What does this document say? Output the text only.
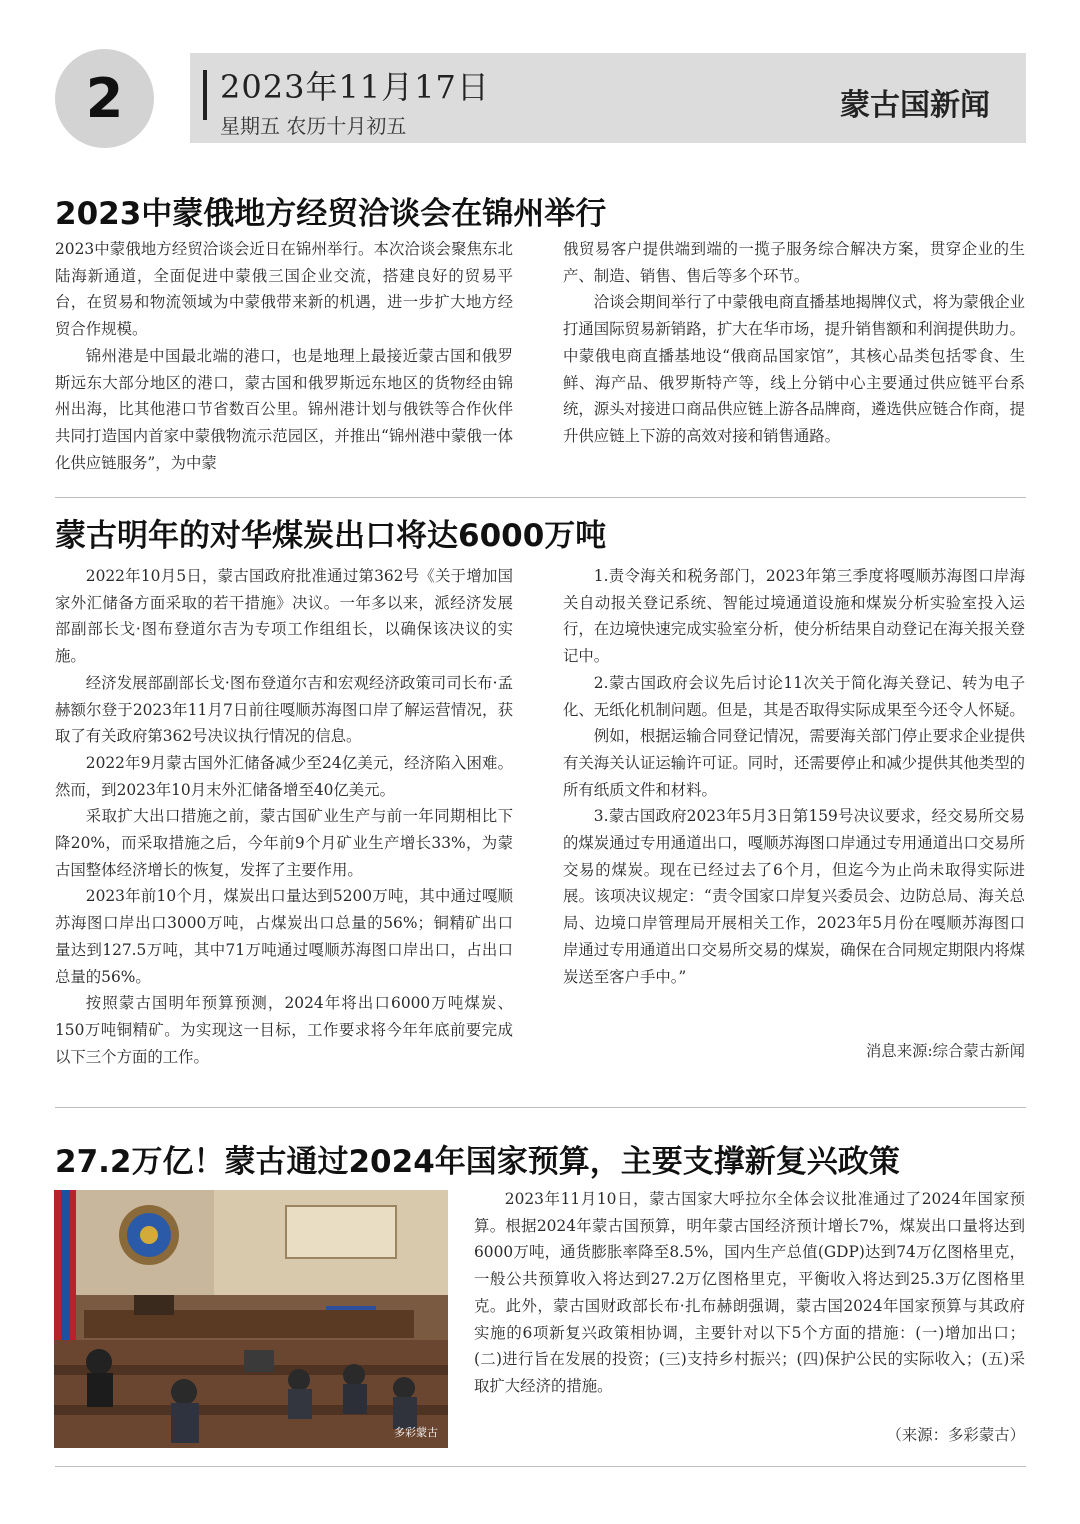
2	2023年11月17日
星期五 农历十月初五
蒙古国新闻
2023中蒙俄地方经贸洽谈会在锦州举行

2023中蒙俄地方经贸洽谈会近日在锦州举行。本次洽谈会聚焦东北陆海新通道，全面促进中蒙俄三国企业交流，搭建良好的贸易平台，在贸易和物流领域为中蒙俄带来新的机遇，进一步扩大地方经贸合作规模。

锦州港是中国最北端的港口，也是地理上最接近蒙古国和俄罗斯远东大部分地区的港口，蒙古国和俄罗斯远东地区的货物经由锦州出海，比其他港口节省数百公里。锦州港计划与俄铁等合作伙伴共同打造国内首家中蒙俄物流示范园区，并推出“锦州港中蒙俄一体化供应链服务”，为中蒙

俄贸易客户提供端到端的一揽子服务综合解决方案，贯穿企业的生产、制造、销售、售后等多个环节。

洽谈会期间举行了中蒙俄电商直播基地揭牌仪式，将为蒙俄企业打通国际贸易新销路，扩大在华市场，提升销售额和利润提供助力。中蒙俄电商直播基地设“俄商品国家馆”，其核心品类包括零食、生鲜、海产品、俄罗斯特产等，线上分销中心主要通过供应链平台系统，源头对接进口商品供应链上游各品牌商，遴选供应链合作商，提升供应链上下游的高效对接和销售通路。

蒙古明年的对华煤炭出口将达6000万吨

2022年10月5日，蒙古国政府批准通过第362号《关于增加国家外汇储备方面采取的若干措施》决议。一年多以来，派经济发展部副部长戈·图布登道尔吉为专项工作组组长，以确保该决议的实施。

经济发展部副部长戈·图布登道尔吉和宏观经济政策司司长布·孟赫额尔登于2023年11月7日前往嘎顺苏海图口岸了解运营情况，获取了有关政府第362号决议执行情况的信息。

2022年9月蒙古国外汇储备减少至24亿美元，经济陷入困难。然而，到2023年10月末外汇储备增至40亿美元。

采取扩大出口措施之前，蒙古国矿业生产与前一年同期相比下降20%，而采取措施之后，今年前9个月矿业生产增长33%，为蒙古国整体经济增长的恢复，发挥了主要作用。

2023年前10个月，煤炭出口量达到5200万吨，其中通过嘎顺苏海图口岸出口3000万吨，占煤炭出口总量的56%；铜精矿出口量达到127.5万吨，其中71万吨通过嘎顺苏海图口岸出口，占出口总量的56%。

按照蒙古国明年预算预测，2024年将出口6000万吨煤炭、150万吨铜精矿。为实现这一目标，工作要求将今年年底前要完成以下三个方面的工作。

1.责令海关和税务部门，2023年第三季度将嘎顺苏海图口岸海关自动报关登记系统、智能过境通道设施和煤炭分析实验室投入运行，在边境快速完成实验室分析，使分析结果自动登记在海关报关登记中。

2.蒙古国政府会议先后讨论11次关于简化海关登记、转为电子化、无纸化机制问题。但是，其是否取得实际成果至今还令人怀疑。

例如，根据运输合同登记情况，需要海关部门停止要求企业提供有关海关认证运输许可证。同时，还需要停止和减少提供其他类型的所有纸质文件和材料。

3.蒙古国政府2023年5月3日第159号决议要求，经交易所交易的煤炭通过专用通道出口，嘎顺苏海图口岸通过专用通道出口交易所交易的煤炭。现在已经过去了6个月，但迄今为止尚未取得实际进展。该项决议规定：“责令国家口岸复兴委员会、边防总局、海关总局、边境口岸管理局开展相关工作，2023年5月份在嘎顺苏海图口岸通过专用通道出口交易所交易的煤炭，确保在合同规定期限内将煤炭送至客户手中。”

消息来源:综合蒙古新闻
27.2万亿！蒙古通过2024年国家预算，主要支撑新复兴政策
多彩蒙古

2023年11月10日，蒙古国家大呼拉尔全体会议批准通过了2024年国家预算。根据2024年蒙古国预算，明年蒙古国经济预计增长7%，煤炭出口量将达到6000万吨，通货膨胀率降至8.5%，国内生产总值(GDP)达到74万亿图格里克，一般公共预算收入将达到27.2万亿图格里克，平衡收入将达到25.3万亿图格里克。此外，蒙古国财政部长布·扎布赫朗强调，蒙古国2024年国家预算与其政府实施的6项新复兴政策相协调，主要针对以下5个方面的措施：(一)增加出口；(二)进行旨在发展的投资；(三)支持乡村振兴；(四)保护公民的实际收入；(五)采取扩大经济的措施。

（来源：多彩蒙古）
